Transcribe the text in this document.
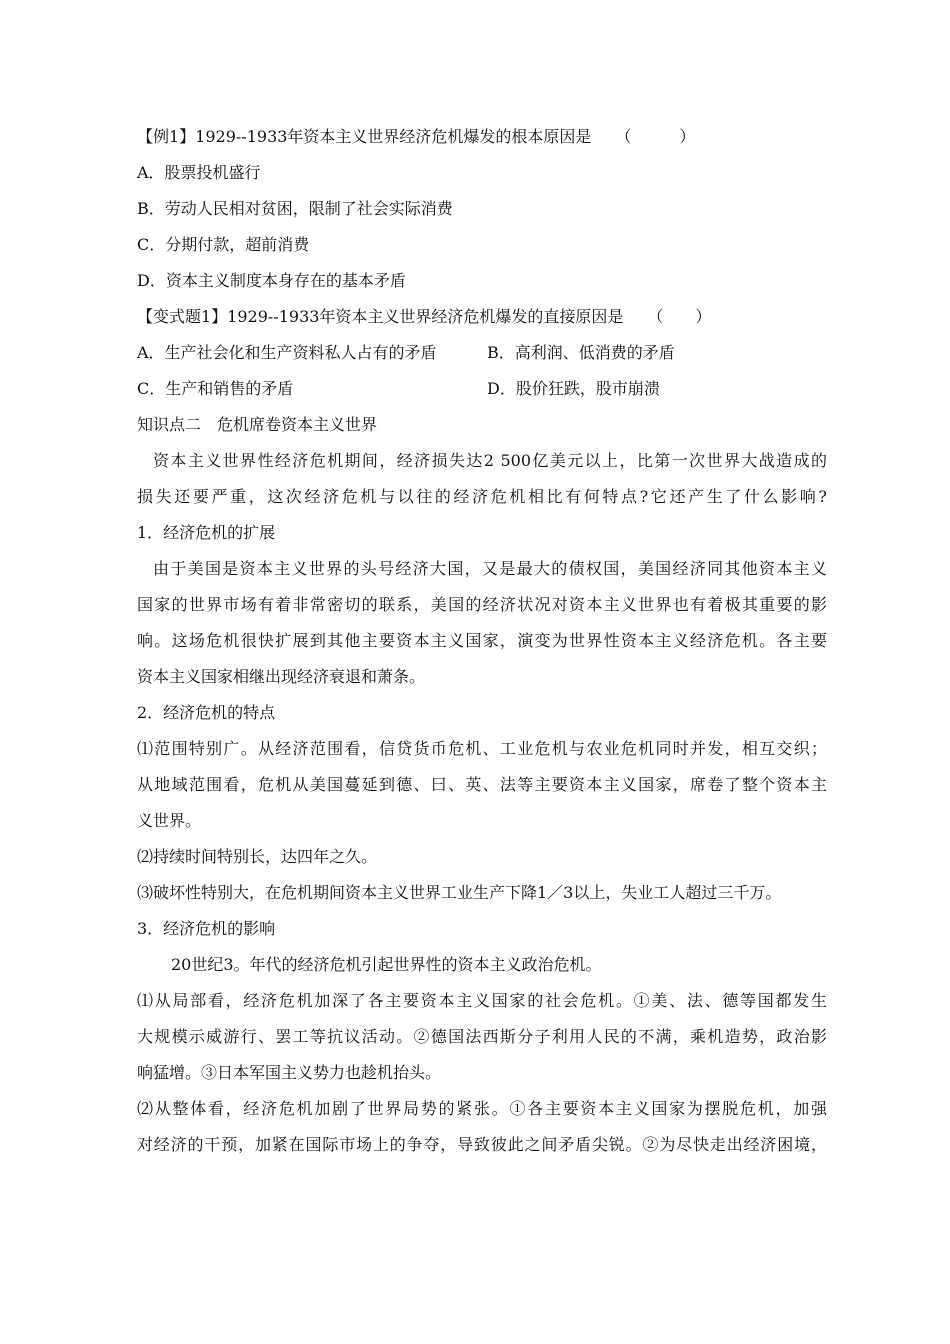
【例1】1929--1933年资本主义世界经济危机爆发的根本原因是　　（　　　）
A．股票投机盛行
B．劳动人民相对贫困，限制了社会实际消费
C．分期付款，超前消费
D．资本主义制度本身存在的基本矛盾
【变式题1】1929--1933年资本主义世界经济危机爆发的直接原因是　　（　　）
A．生产社会化和生产资料私人占有的矛盾	B．高利润、低消费的矛盾
C．生产和销售的矛盾	D．股价狂跌，股市崩溃
知识点二　危机席卷资本主义世界
资本主义世界性经济危机期间，经济损失达2 500亿美元以上，比第一次世界大战造成的
损失还要严重，这次经济危机与以往的经济危机相比有何特点?它还产生了什么影响?
1．经济危机的扩展
由于美国是资本主义世界的头号经济大国，又是最大的债权国，美国经济同其他资本主义
国家的世界市场有着非常密切的联系，美国的经济状况对资本主义世界也有着极其重要的影
响。这场危机很快扩展到其他主要资本主义国家，演变为世界性资本主义经济危机。各主要
资本主义国家相继出现经济衰退和萧条。
2．经济危机的特点
⑴范围特别广。从经济范围看，信贷货币危机、工业危机与农业危机同时并发，相互交织；
从地域范围看，危机从美国蔓延到德、曰、英、法等主要资本主义国家，席卷了整个资本主
义世界。
⑵持续时间特别长，达四年之久。
⑶破坏性特别大，在危机期间资本主义世界工业生产下降1／3以上，失业工人超过三千万。
3．经济危机的影响
20世纪3。年代的经济危机引起世界性的资本主义政治危机。
⑴从局部看，经济危机加深了各主要资本主义国家的社会危机。①美、法、德等国都发生
大规模示威游行、罢工等抗议活动。②德国法西斯分子利用人民的不满，乘机造势，政治影
响猛增。③日本军国主义势力也趁机抬头。
⑵从整体看，经济危机加剧了世界局势的紧张。①各主要资本主义国家为摆脱危机，加强
对经济的干预，加紧在国际市场上的争夺，导致彼此之间矛盾尖锐。②为尽快走出经济困境，
